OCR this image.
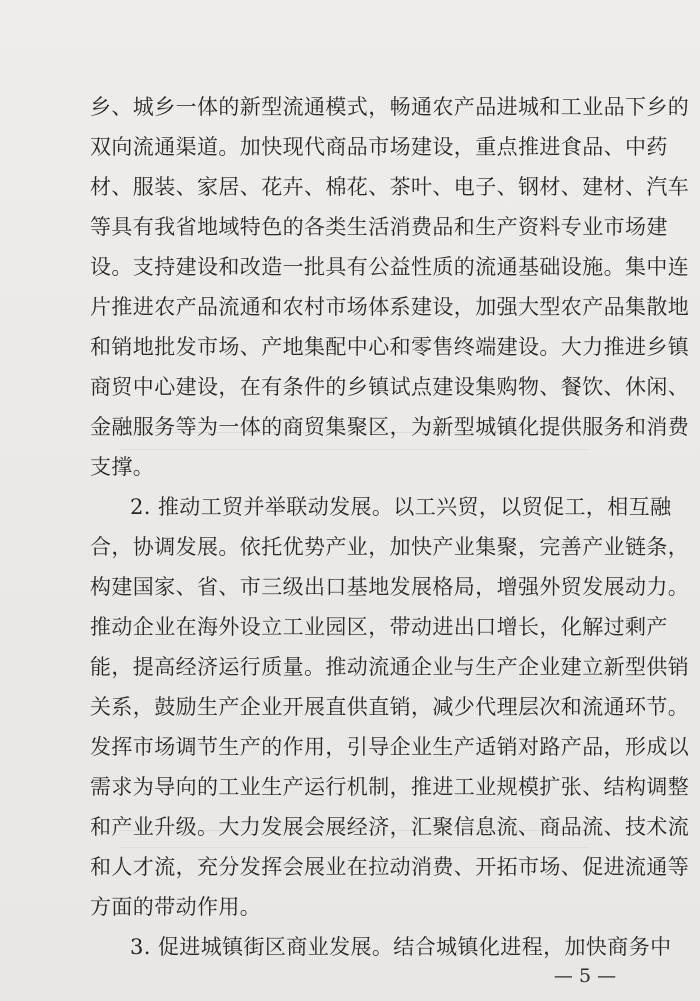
乡、城乡一体的新型流通模式，畅通农产品进城和工业品下乡的
双向流通渠道。加快现代商品市场建设，重点推进食品、中药
材、服装、家居、花卉、棉花、茶叶、电子、钢材、建材、汽车
等具有我省地域特色的各类生活消费品和生产资料专业市场建
设。支持建设和改造一批具有公益性质的流通基础设施。集中连
片推进农产品流通和农村市场体系建设，加强大型农产品集散地
和销地批发市场、产地集配中心和零售终端建设。大力推进乡镇
商贸中心建设，在有条件的乡镇试点建设集购物、餐饮、休闲、
金融服务等为一体的商贸集聚区，为新型城镇化提供服务和消费
支撑。
2. 推动工贸并举联动发展。以工兴贸，以贸促工，相互融
合，协调发展。依托优势产业，加快产业集聚，完善产业链条，
构建国家、省、市三级出口基地发展格局，增强外贸发展动力。
推动企业在海外设立工业园区，带动进出口增长，化解过剩产
能，提高经济运行质量。推动流通企业与生产企业建立新型供销
关系，鼓励生产企业开展直供直销，减少代理层次和流通环节。
发挥市场调节生产的作用，引导企业生产适销对路产品，形成以
需求为导向的工业生产运行机制，推进工业规模扩张、结构调整
和产业升级。大力发展会展经济，汇聚信息流、商品流、技术流
和人才流，充分发挥会展业在拉动消费、开拓市场、促进流通等
方面的带动作用。
3. 促进城镇街区商业发展。结合城镇化进程，加快商务中
— 5 —
